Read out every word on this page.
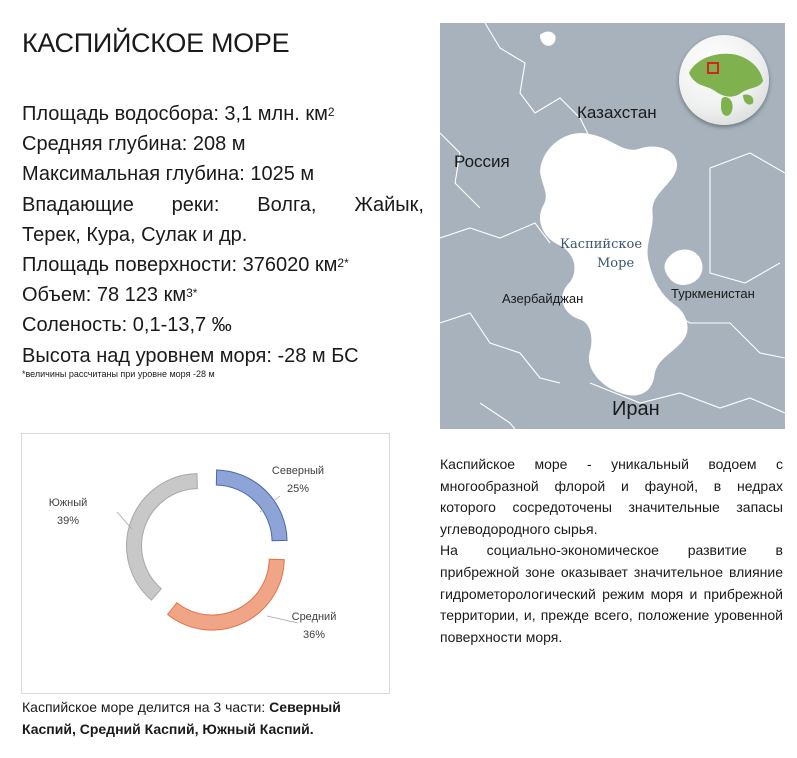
КАСПИЙСКОЕ МОРЕ
Площадь водосбора: 3,1 млн. $км^2$
Средняя глубина: 208 м
Максимальная глубина: 1025 м
Впадающие реки: Волга, Жайык,
Терек, Кура, Сулак и др.
Площадь поверхности: 376020 $км^{2*}$
Объем: 78 123 $км^{3*}$
Соленость: 0,1-13,7 ‰
Высота над уровнем моря: -28 м БС
*величины рассчитаны при уровне моря -28 м
Казахстан
Россия
Каспийское
Море
Азербайджан	Туркменистан
Иран
Северный
25%
Средний
36%
Южный
39%
Каспийское море делится на 3 части: Северный Каспий, Средний Каспий, Южный Каспий.

Каспийское море - уникальный водоем с многообразной флорой и фауной, в недрах которого сосредоточены значительные запасы углеводородного сырья.

На социально-экономическое развитие в прибрежной зоне оказывает значительное влияние гидрометорологический режим моря и прибрежной территории, и, прежде всего, положение уровенной поверхности моря.
